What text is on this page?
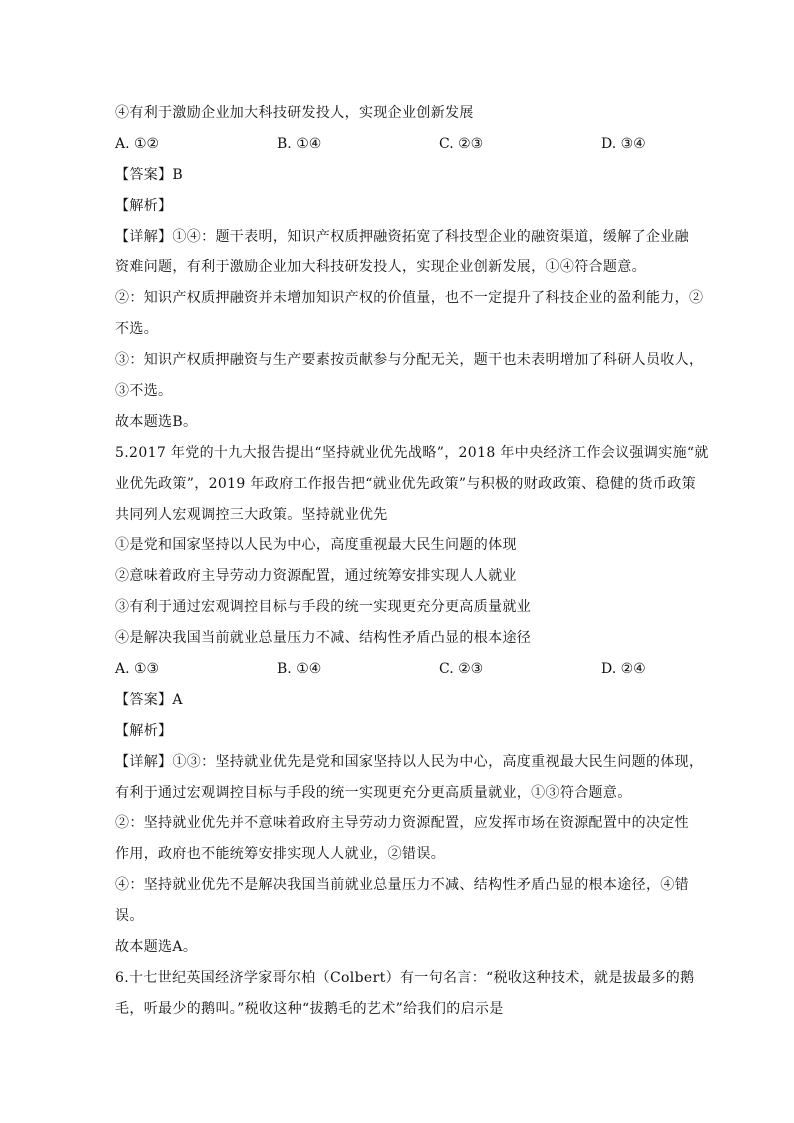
④有利于激励企业加大科技研发投人，实现企业创新发展
A. ①②	B. ①④	C. ②③	D. ③④
【答案】B
【解析】
【详解】①④：题干表明，知识产权质押融资拓宽了科技型企业的融资渠道，缓解了企业融
资难问题，有利于激励企业加大科技研发投人，实现企业创新发展，①④符合题意。
②：知识产权质押融资并未增加知识产权的价值量，也不一定提升了科技企业的盈利能力，②
不选。
③：知识产权质押融资与生产要素按贡献参与分配无关，题干也未表明增加了科研人员收人，
③不选。
故本题选B。
5.2017 年党的十九大报告提出“坚持就业优先战略”，2018 年中央经济工作会议强调实施“就
业优先政策”，2019 年政府工作报告把“就业优先政策”与积极的财政政策、稳健的货币政策
共同列人宏观调控三大政策。坚持就业优先
①是党和国家坚持以人民为中心，高度重视最大民生问题的体现
②意味着政府主导劳动力资源配置，通过统筹安排实现人人就业
③有利于通过宏观调控目标与手段的统一实现更充分更高质量就业
④是解决我国当前就业总量压力不减、结构性矛盾凸显的根本途径
A. ①③	B. ①④	C. ②③	D. ②④
【答案】A
【解析】
【详解】①③：坚持就业优先是党和国家坚持以人民为中心，高度重视最大民生问题的体现，
有利于通过宏观调控目标与手段的统一实现更充分更高质量就业，①③符合题意。
②：坚持就业优先并不意味着政府主导劳动力资源配置，应发挥市场在资源配置中的决定性
作用，政府也不能统筹安排实现人人就业，②错误。
④：坚持就业优先不是解决我国当前就业总量压力不减、结构性矛盾凸显的根本途径，④错
误。
故本题选A。
6.十七世纪英国经济学家哥尔柏（Colbert）有一句名言：“税收这种技术，就是拔最多的鹅
毛，听最少的鹅叫。”税收这种“拔鹅毛的艺术”给我们的启示是
